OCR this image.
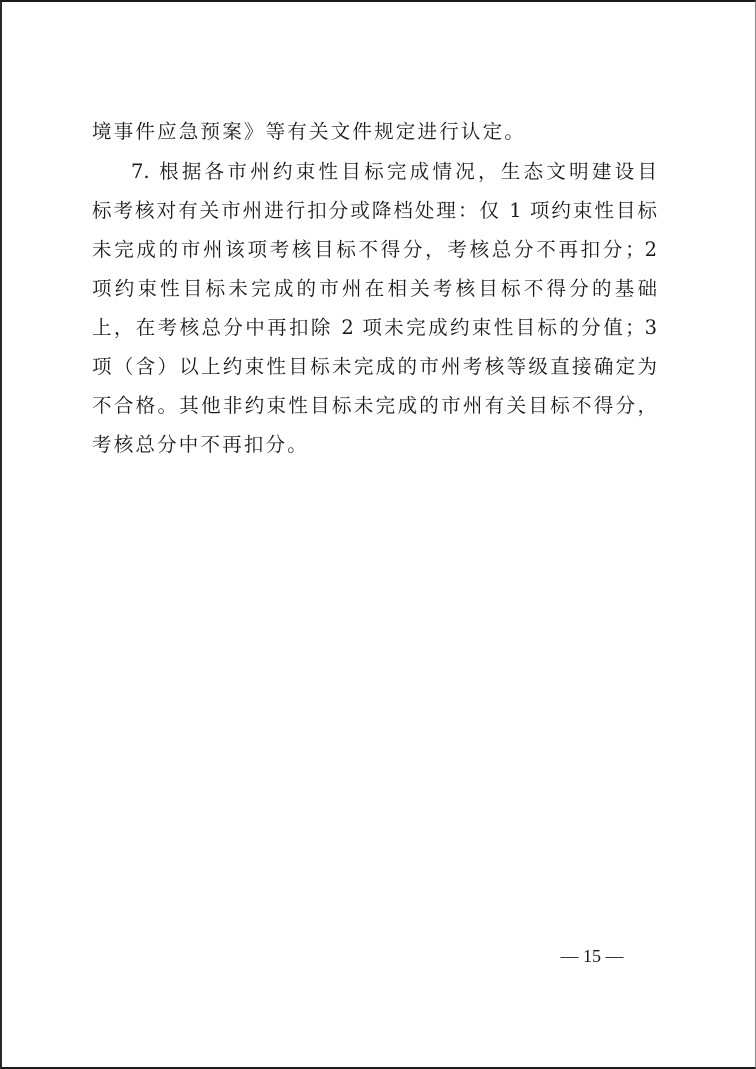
境事件应急预案》等有关文件规定进行认定。
7. 根据各市州约束性目标完成情况，生态文明建设目
标考核对有关市州进行扣分或降档处理：仅 1 项约束性目标
未完成的市州该项考核目标不得分，考核总分不再扣分；2
项约束性目标未完成的市州在相关考核目标不得分的基础
上，在考核总分中再扣除 2 项未完成约束性目标的分值；3
项（含）以上约束性目标未完成的市州考核等级直接确定为
不合格。其他非约束性目标未完成的市州有关目标不得分，
考核总分中不再扣分。
— 15 —
